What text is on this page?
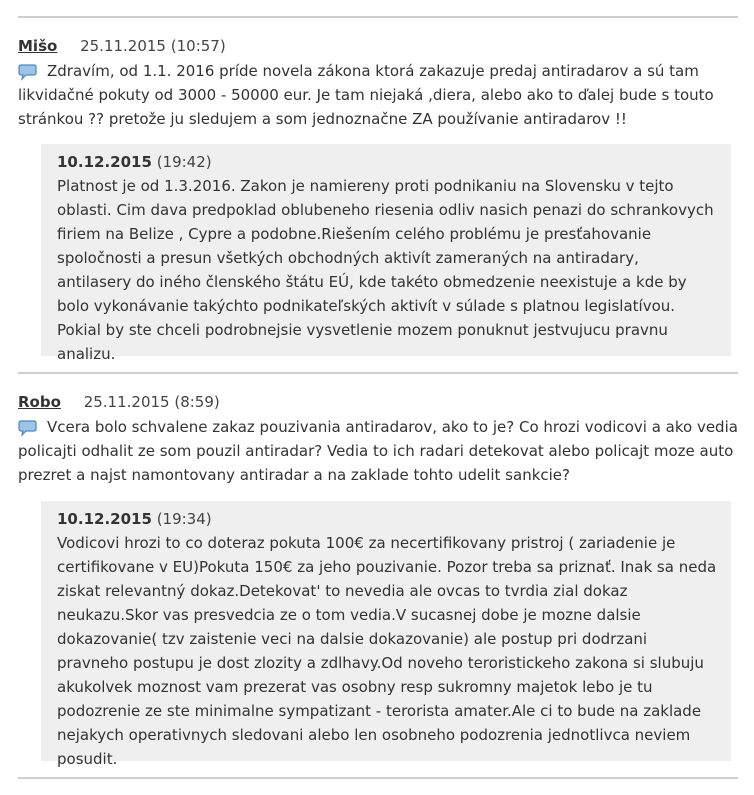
Mišo 25.11.2015 (10:57)
Zdravím, od 1.1. 2016 príde novela zákona ktorá zakazuje predaj antiradarov a sú tam likvidačné pokuty od 3000 - 50000 eur. Je tam niejaká ,diera, alebo ako to ďalej bude s touto stránkou ?? pretože ju sledujem a som jednoznačne ZA používanie antiradarov !!
10.12.2015 (19:42)
Platnost je od 1.3.2016. Zakon je namiereny proti podnikaniu na Slovensku v tejto oblasti. Cim dava predpoklad oblubeneho riesenia odliv nasich penazi do schrankovych firiem na Belize , Cypre a podobne.Riešením celého problému je presťahovanie spoločnosti a presun všetkých obchodných aktivít zameraných na antiradary, antilasery do iného členského štátu EÚ, kde takéto obmedzenie neexistuje a kde by bolo vykonávanie takýchto podnikateľských aktivít v súlade s platnou legislatívou. Pokial by ste chceli podrobnejsie vysvetlenie mozem ponuknut jestvujucu pravnu analizu.
Robo 25.11.2015 (8:59)
Vcera bolo schvalene zakaz pouzivania antiradarov, ako to je? Co hrozi vodicovi a ako vedia policajti odhalit ze som pouzil antiradar? Vedia to ich radari detekovat alebo policajt moze auto prezret a najst namontovany antiradar a na zaklade tohto udelit sankcie?
10.12.2015 (19:34)
Vodicovi hrozi to co doteraz pokuta 100€ za necertifikovany pristroj ( zariadenie je certifikovane v EU)Pokuta 150€ za jeho pouzivanie. Pozor treba sa priznať. Inak sa neda ziskat relevantný dokaz.Detekovat' to nevedia ale ovcas to tvrdia zial dokaz neukazu.Skor vas presvedcia ze o tom vedia.V sucasnej dobe je mozne dalsie dokazovanie( tzv zaistenie veci na dalsie dokazovanie) ale postup pri dodrzani pravneho postupu je dost zlozity a zdlhavy.Od noveho teroristickeho zakona si slubuju akukolvek moznost vam prezerat vas osobny resp sukromny majetok lebo je tu podozrenie ze ste minimalne sympatizant - terorista amater.Ale ci to bude na zaklade nejakych operativnych sledovani alebo len osobneho podozrenia jednotlivca neviem posudit.
